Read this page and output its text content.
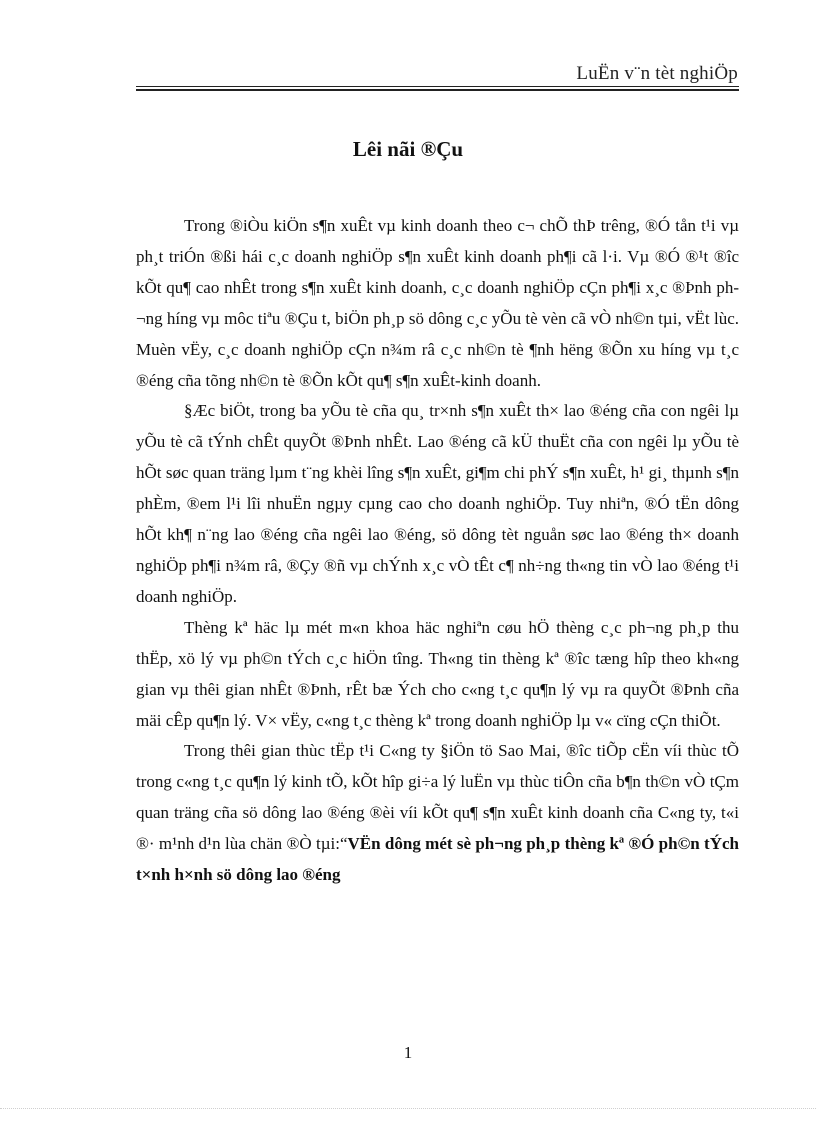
LuËn v¨n tèt nghiÖp
Lêi nãi ®Çu

Trong ®iÒu kiÖn s¶n xuÊt vµ kinh doanh theo c¬ chÕ thÞ trêng, ®Ó tån t¹i vµ ph¸t triÓn ®ßi hái c¸c doanh nghiÖp s¶n xuÊt kinh doanh ph¶i cã l·i. Vµ ®Ó ®¹t ®îc kÕt qu¶ cao nhÊt trong s¶n xuÊt kinh doanh, c¸c doanh nghiÖp cÇn ph¶i x¸c ®Þnh ph¬ng híng vµ môc tiªu ®Çu t, biÖn ph¸p sö dông c¸c yÕu tè vèn cã vÒ nh©n tµi, vËt lùc. Muèn vËy, c¸c doanh nghiÖp cÇn n¾m râ c¸c nh©n tè ¶nh hëng ®Õn xu híng vµ t¸c ®éng cña tõng nh©n tè ®Õn kÕt qu¶ s¶n xuÊt-kinh doanh.

§Æc biÖt, trong ba yÕu tè cña qu¸ tr×nh s¶n xuÊt th× lao ®éng cña con ngêi lµ yÕu tè cã tÝnh chÊt quyÕt ®Þnh nhÊt. Lao ®éng cã kÜ thuËt cña con ngêi lµ yÕu tè hÕt søc quan träng lµm t¨ng khèi lîng s¶n xuÊt, gi¶m chi phÝ s¶n xuÊt, h¹ gi¸ thµnh s¶n phÈm, ®em l¹i lîi nhuËn ngµy cµng cao cho doanh nghiÖp. Tuy nhiªn, ®Ó tËn dông hÕt kh¶ n¨ng lao ®éng cña ngêi lao ®éng, sö dông tèt nguån søc lao ®éng th× doanh nghiÖp ph¶i n¾m râ, ®Çy ®ñ vµ chÝnh x¸c vÒ tÊt c¶ nh÷ng th«ng tin vÒ lao ®éng t¹i doanh nghiÖp.

Thèng kª häc lµ mét m«n khoa häc nghiªn cøu hÖ thèng c¸c ph¬ng ph¸p thu thËp, xö lý vµ ph©n tÝch c¸c hiÖn tîng. Th«ng tin thèng kª ®îc tæng hîp theo kh«ng gian vµ thêi gian nhÊt ®Þnh, rÊt bæ Ých cho c«ng t¸c qu¶n lý vµ ra quyÕt ®Þnh cña mäi cÊp qu¶n lý. V× vËy, c«ng t¸c thèng kª trong doanh nghiÖp lµ v« cïng cÇn thiÕt.

Trong thêi gian thùc tËp t¹i C«ng ty §iÖn tö Sao Mai, ®îc tiÕp cËn víi thùc tÕ trong c«ng t¸c qu¶n lý kinh tÕ, kÕt hîp gi÷a lý luËn vµ thùc tiÔn cña b¶n th©n vÒ tÇm quan träng cña sö dông lao ®éng ®èi víi kÕt qu¶ s¶n xuÊt kinh doanh cña C«ng ty, t«i ®· m¹nh d¹n lùa chän ®Ò tµi:“VËn dông mét sè ph¬ng ph¸p thèng kª ®Ó ph©n tÝch t×nh h×nh sö dông lao ®éng

1
